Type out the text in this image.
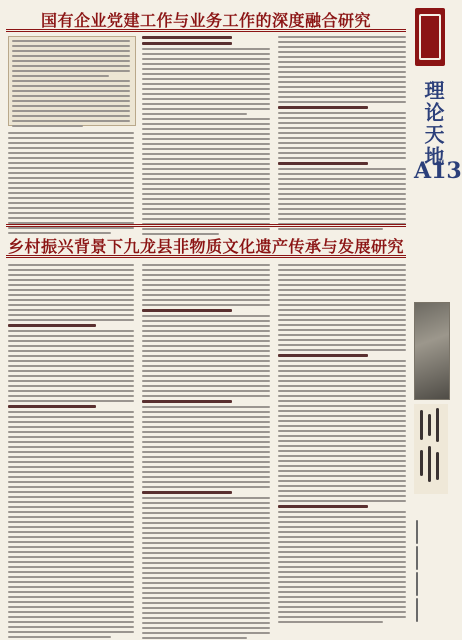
国有企业党建工作与业务工作的深度融合研究
乡村振兴背景下九龙县非物质文化遗产传承与发展研究
理论天地
A13
